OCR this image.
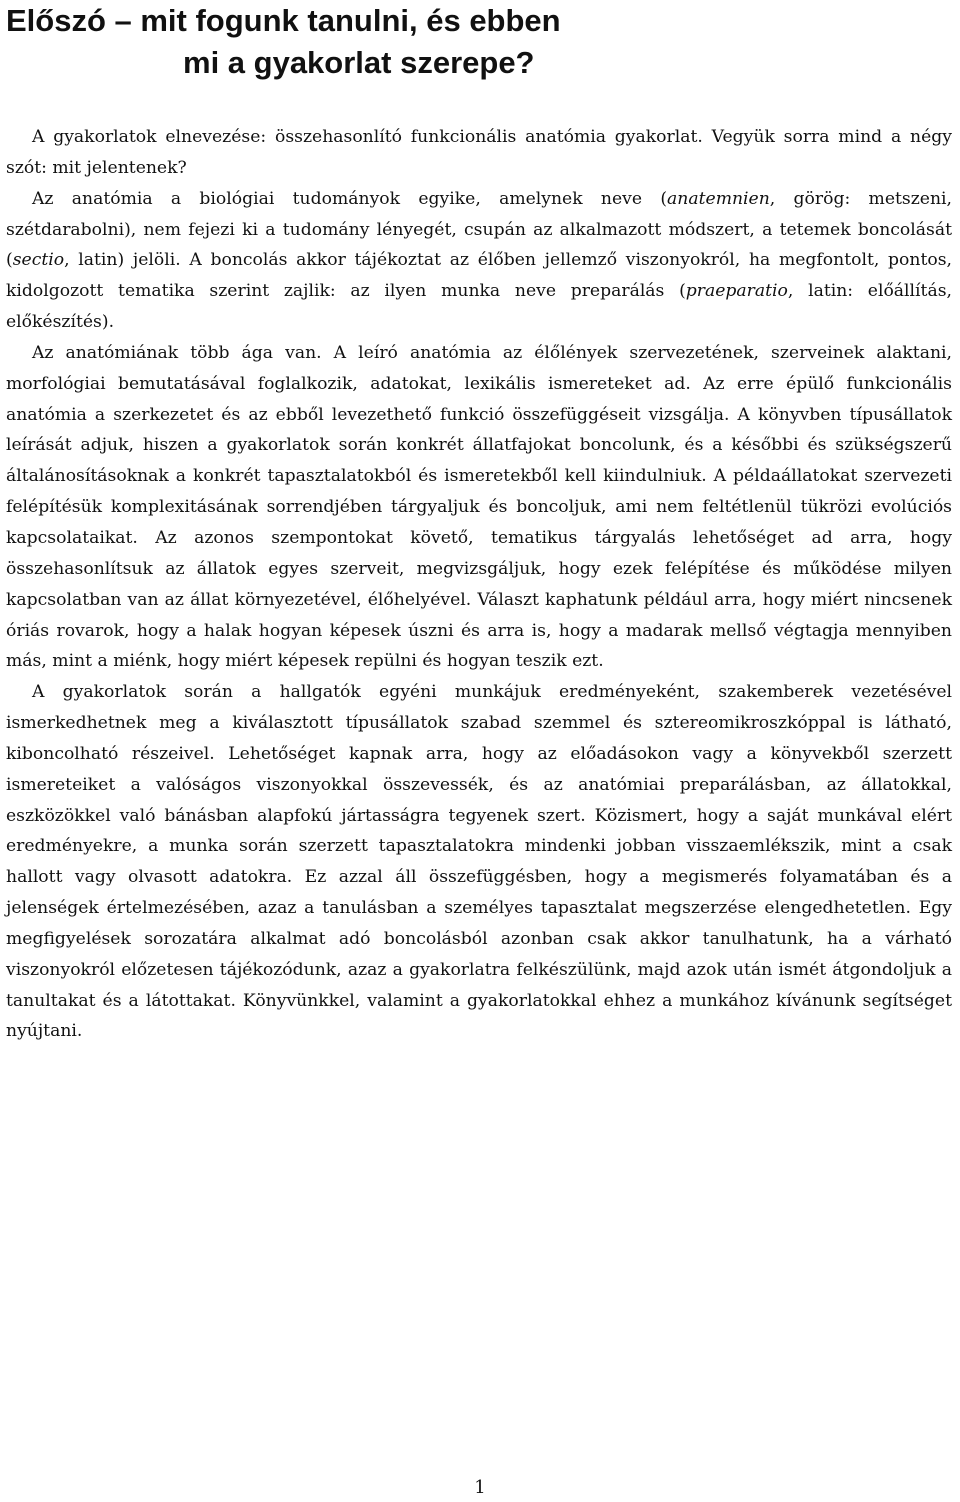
Előszó – mit fogunk tanulni, és ebben
mi a gyakorlat szerepe?

A gyakorlatok elnevezése: összehasonlító funkcionális anatómia gyakorlat. Vegyük sorra mind a négy szót: mit jelentenek?

Az anatómia a biológiai tudományok egyike, amelynek neve (anatemnien, görög: metszeni, szétdarabolni), nem fejezi ki a tudomány lényegét, csupán az alkalmazott módszert, a tetemek boncolását (sectio, latin) jelöli. A boncolás akkor tájékoztat az élőben jellemző viszonyokról, ha megfontolt, pontos, kidolgozott tematika szerint zajlik: az ilyen munka neve preparálás (praeparatio, latin: előállítás, előkészítés).

Az anatómiának több ága van. A leíró anatómia az élőlények szervezetének, szerveinek alaktani, morfológiai bemutatásával foglalkozik, adatokat, lexikális ismereteket ad. Az erre épülő funkcionális anatómia a szerkezetet és az ebből levezethető funkció összefüggéseit vizsgálja. A könyvben típusállatok leírását adjuk, hiszen a gyakorlatok során konkrét állatfajokat boncolunk, és a későbbi és szükségszerű általánosításoknak a konkrét tapasztalatokból és ismeretekből kell kiindulniuk. A példaállatokat szervezeti felépítésük komplexitásának sorrendjében tárgyaljuk és boncoljuk, ami nem feltétlenül tükrözi evolúciós kapcsolataikat. Az azonos szempontokat követő, tematikus tárgyalás lehetőséget ad arra, hogy összehasonlítsuk az állatok egyes szerveit, megvizsgáljuk, hogy ezek felépítése és működése milyen kapcsolatban van az állat környezetével, élőhelyével. Választ kaphatunk például arra, hogy miért nincsenek óriás rovarok, hogy a halak hogyan képesek úszni és arra is, hogy a madarak mellső végtagja mennyiben más, mint a miénk, hogy miért képesek repülni és hogyan teszik ezt.

A gyakorlatok során a hallgatók egyéni munkájuk eredményeként, szakemberek vezetésével ismerkedhetnek meg a kiválasztott típusállatok szabad szemmel és sztereomikroszkóppal is látható, kiboncolható részeivel. Lehetőséget kapnak arra, hogy az előadásokon vagy a könyvekből szerzett ismereteiket a valóságos viszonyokkal összevessék, és az anatómiai preparálásban, az állatokkal, eszközökkel való bánásban alapfokú jártasságra tegyenek szert. Közismert, hogy a saját munkával elért eredményekre, a munka során szerzett tapasztalatokra mindenki jobban visszaemlékszik, mint a csak hallott vagy olvasott adatokra. Ez azzal áll összefüggésben, hogy a megismerés folyamatában és a jelenségek értelmezésében, azaz a tanulásban a személyes tapasztalat megszerzése elengedhetetlen. Egy megfigyelések sorozatára alkalmat adó boncolásból azonban csak akkor tanulhatunk, ha a várható viszonyokról előzetesen tájékozódunk, azaz a gyakorlatra felkészülünk, majd azok után ismét átgondoljuk a tanultakat és a látottakat. Könyvünkkel, valamint a gyakorlatokkal ehhez a munkához kívánunk segítséget nyújtani.

1
